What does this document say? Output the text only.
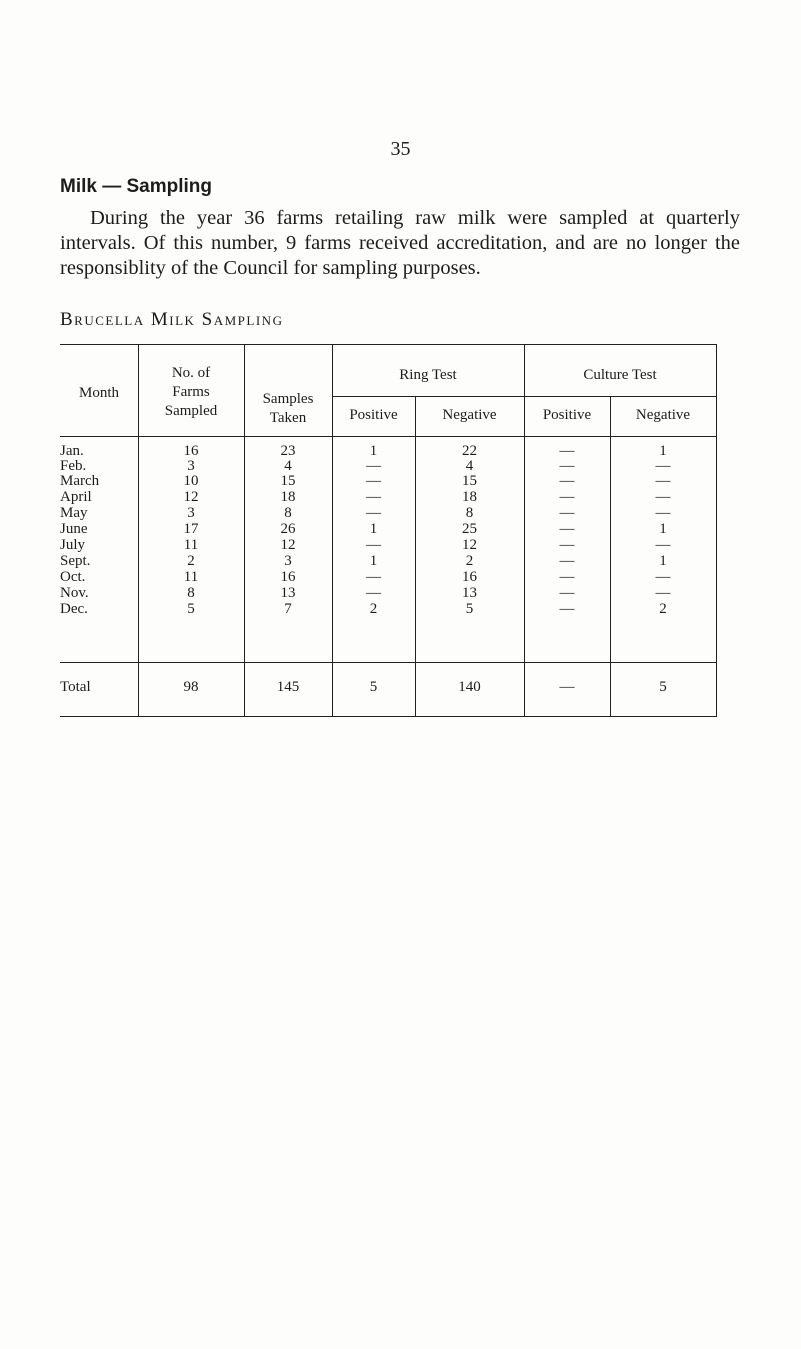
35
Milk — Sampling
During the year 36 farms retailing raw milk were sampled at quarterly intervals. Of this number, 9 farms received accreditation, and are no longer the responsiblity of the Council for sampling purposes.
Brucella Milk Sampling
Month
No. of
Farms
Sampled
Samples
Taken
Ring Test	Culture Test
Positive	Negative	Positive	Negative
Jan.	16	23	1	22	—	1
Feb.	3	4	—	4	—	—
March	10	15	—	15	—	—
April	12	18	—	18	—	—
May	3	8	—	8	—	—
June	17	26	1	25	—	1
July	11	12	—	12	—	—
Sept.	2	3	1	2	—	1
Oct.	11	16	—	16	—	—
Nov.	8	13	—	13	—	—
Dec.	5	7	2	5	—	2
Total	98	145	5	140	—	5
